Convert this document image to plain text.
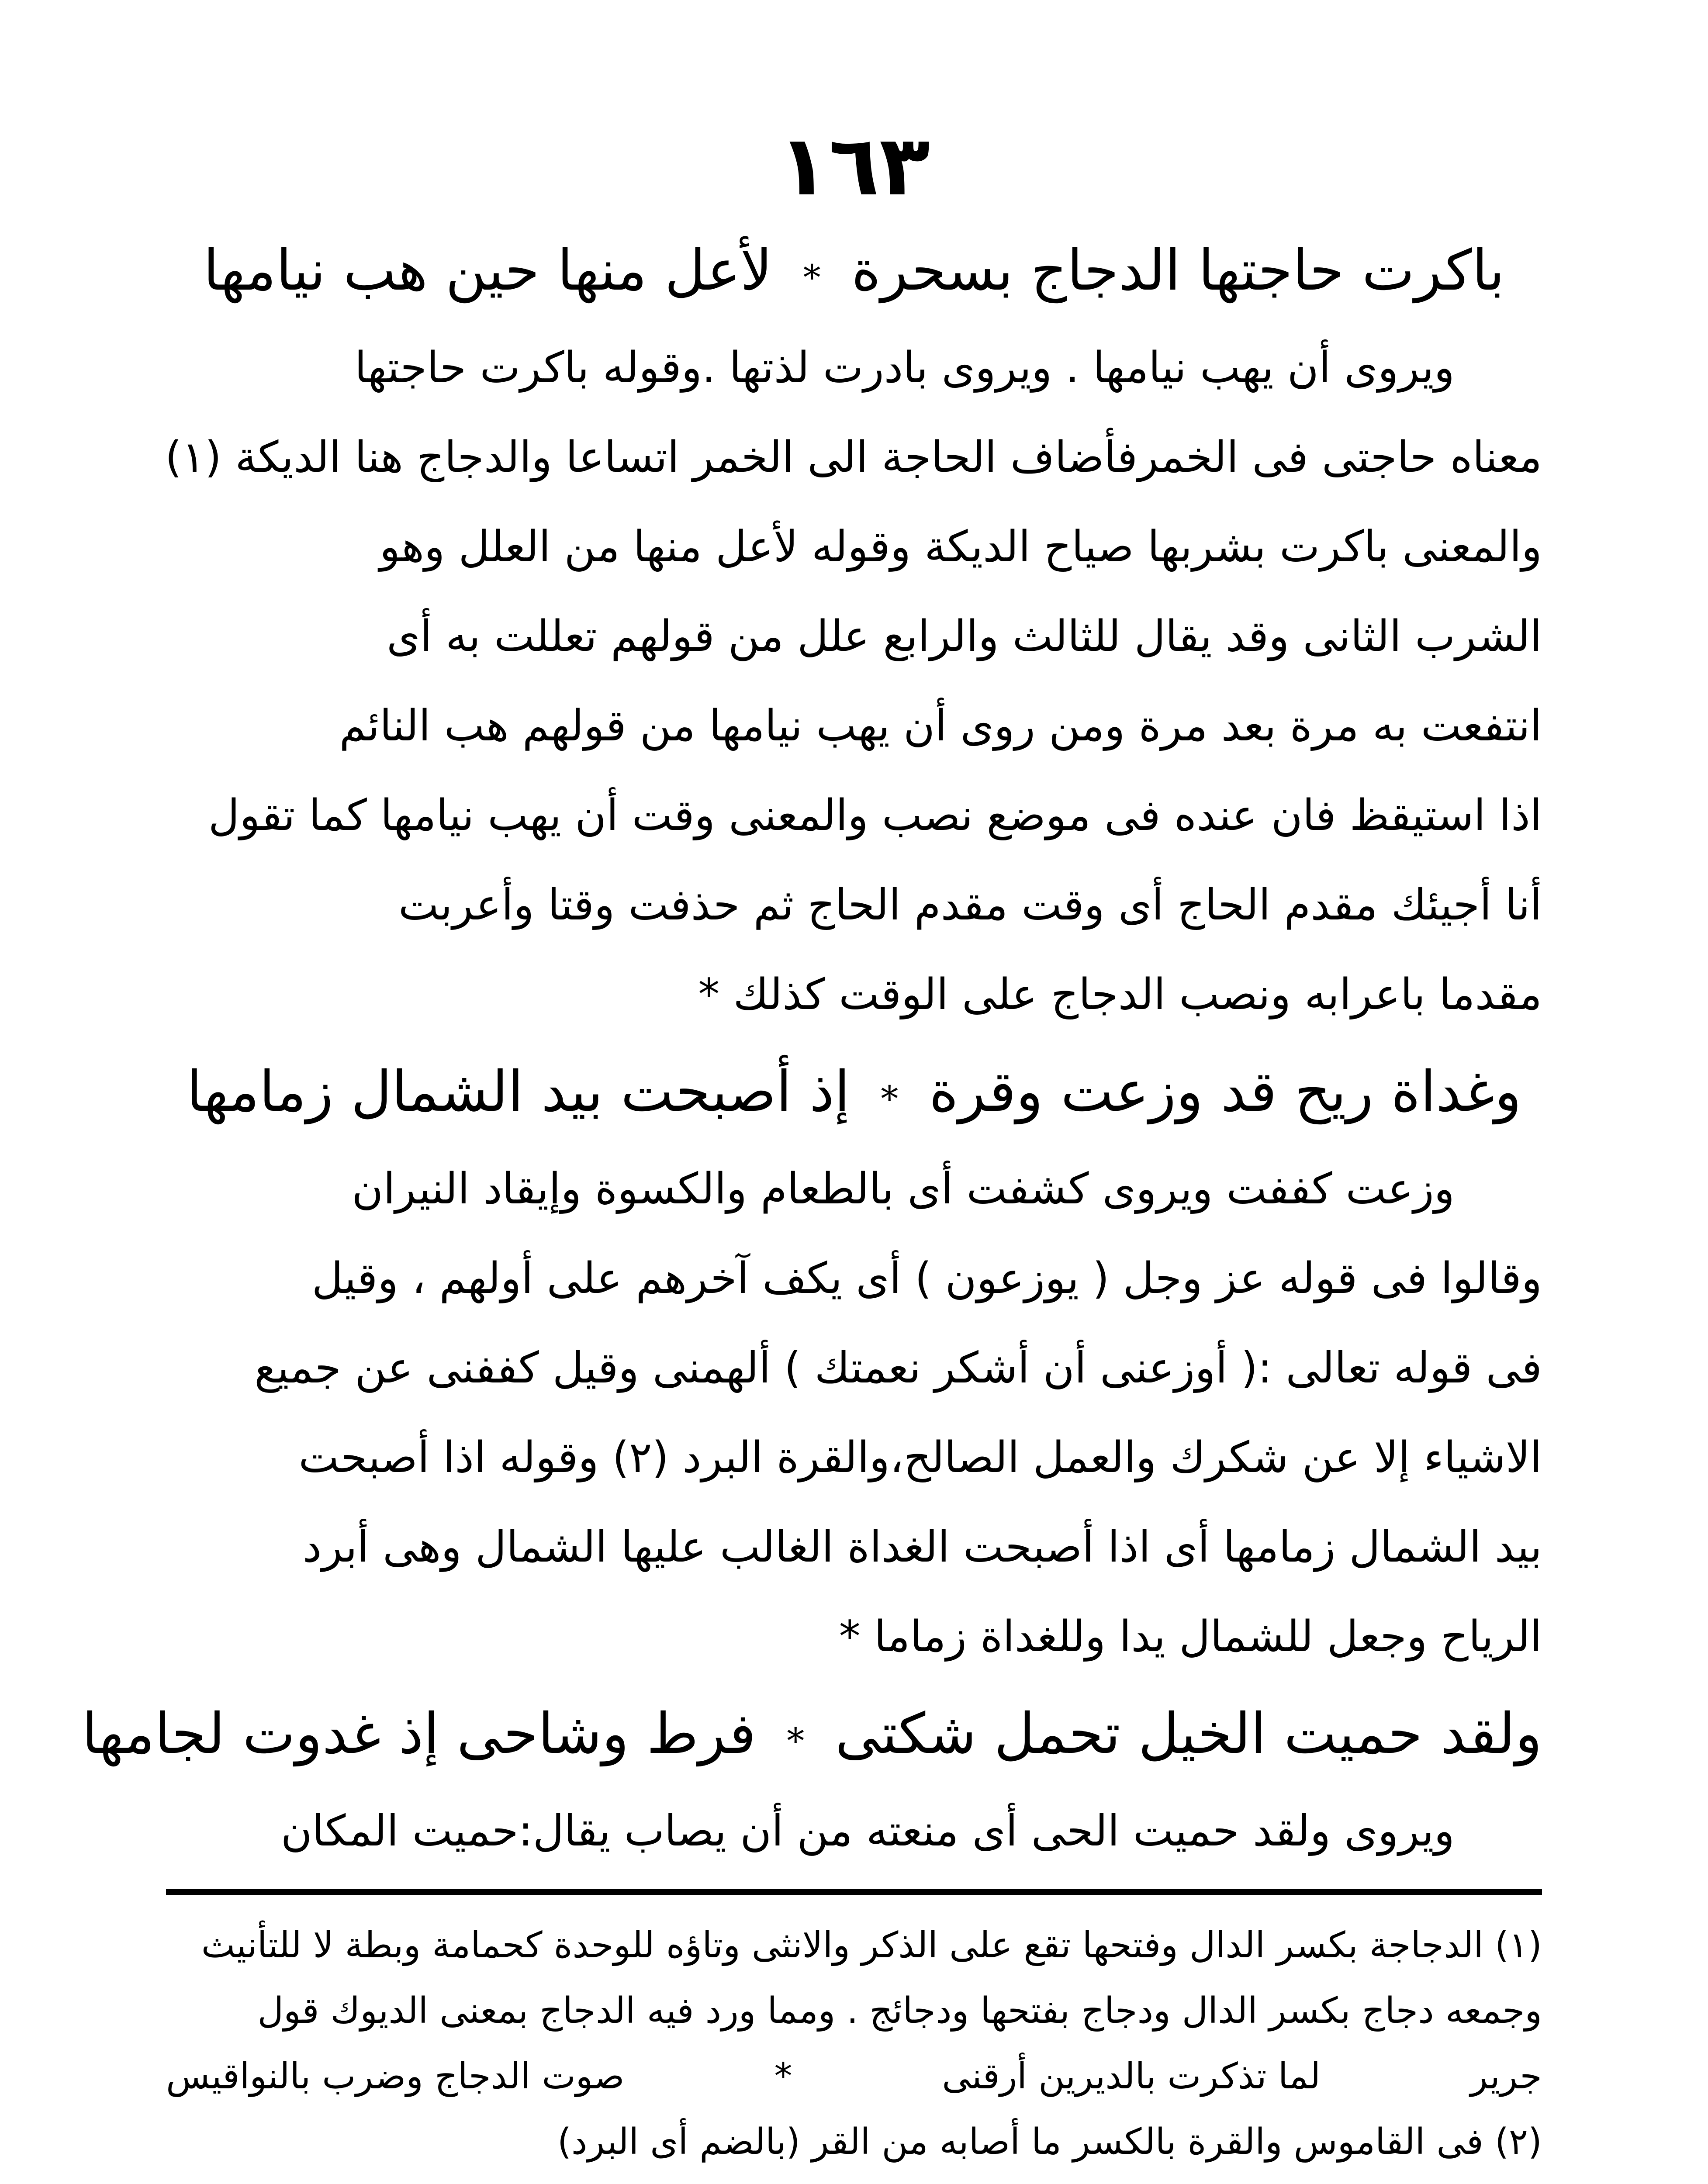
١٦٣
باكرت حاجتها الدجاج بسحرة * لأعل منها حين هب نيامها
ويروى أن يهب نيامها . ويروى بادرت لذتها .وقوله باكرت حاجتها
معناه حاجتى فى الخمرفأضاف الحاجة الى الخمر اتساعا والدجاج هنا الديكة (١)
والمعنى باكرت بشربها صياح الديكة وقوله لأعل منها من العلل وهو
الشرب الثانى وقد يقال للثالث والرابع علل من قولهم تعللت به أى
انتفعت به مرة بعد مرة ومن روى أن يهب نيامها من قولهم هب النائم
اذا استيقظ فان عنده فى موضع نصب والمعنى وقت أن يهب نيامها كما تقول
أنا أجيئك مقدم الحاج أى وقت مقدم الحاج ثم حذفت وقتا وأعربت
مقدما باعرابه ونصب الدجاج على الوقت كذلك *
وغداة ريح قد وزعت وقرة * إذ أصبحت بيد الشمال زمامها
وزعت كففت ويروى كشفت أى بالطعام والكسوة وإيقاد النيران
وقالوا فى قوله عز وجل ( يوزعون ) أى يكف آخرهم على أولهم ، وقيل
فى قوله تعالى :( أوزعنى أن أشكر نعمتك ) ألهمنى وقيل كففنى عن جميع
الاشياء إلا عن شكرك والعمل الصالح،والقرة البرد (٢) وقوله اذا أصبحت
بيد الشمال زمامها أى اذا أصبحت الغداة الغالب عليها الشمال وهى أبرد
الرياح وجعل للشمال يدا وللغداة زماما *
ولقد حميت الخيل تحمل شكتى * فرط وشاحى إذ غدوت لجامها
ويروى ولقد حميت الحى أى منعته من أن يصاب يقال:حميت المكان
(١) الدجاجة بكسر الدال وفتحها تقع على الذكر والانثى وتاؤه للوحدة كحمامة وبطة لا للتأنيث
وجمعه دجاج بكسر الدال ودجاج بفتحها ودجائج . ومما ورد فيه الدجاج بمعنى الديوك قول
جرير
لما تذكرت بالديرين أرقنى
*
صوت الدجاج وضرب بالنواقيس
(٢) فى القاموس والقرة بالكسر ما أصابه من القر (بالضم أى البرد)
